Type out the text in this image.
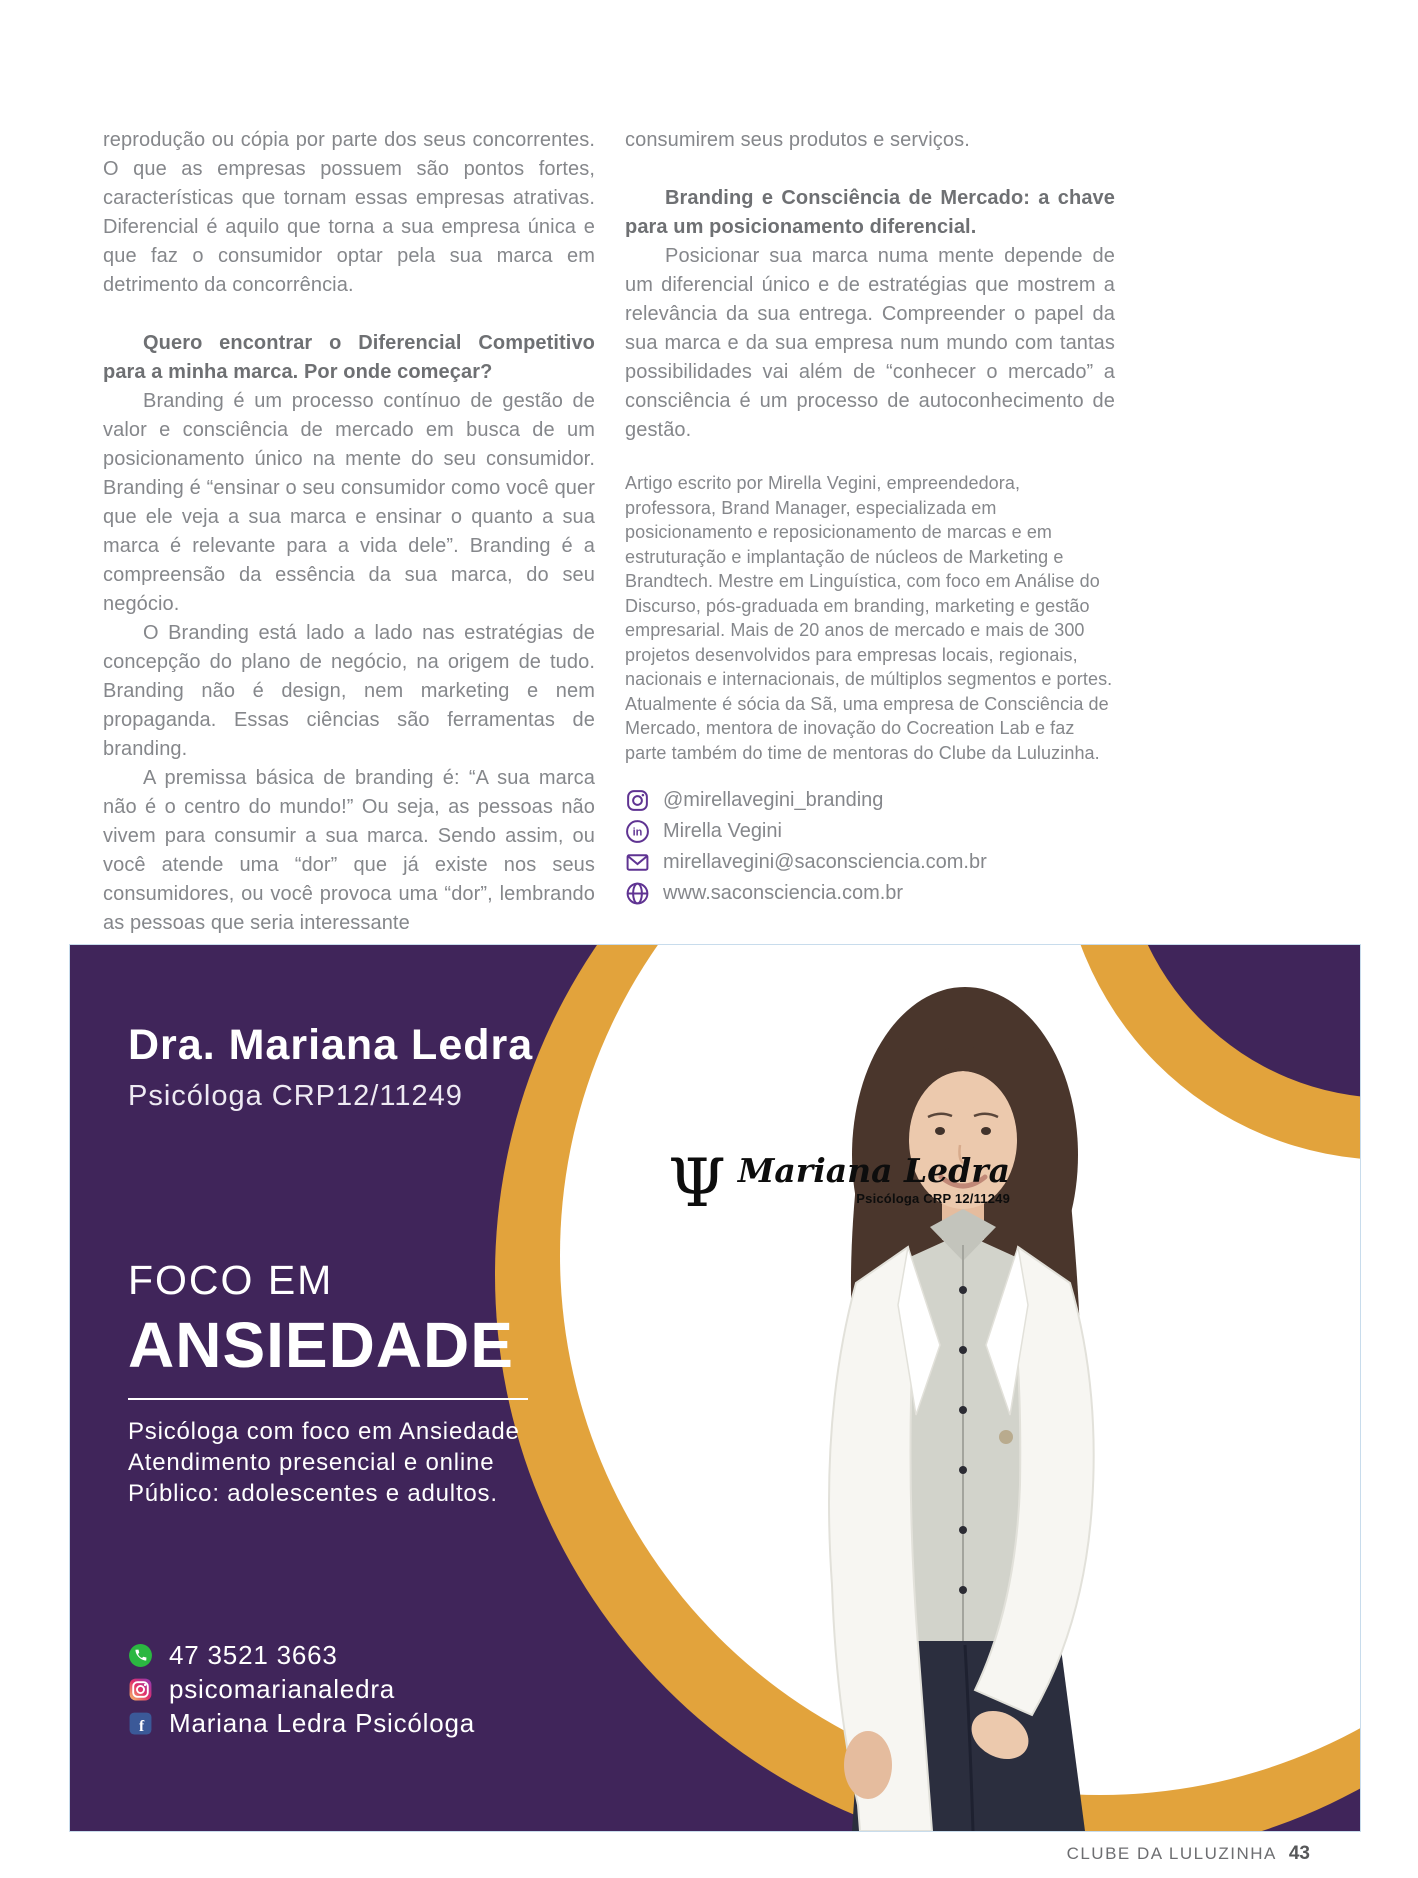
reprodução ou cópia por parte dos seus concorrentes. O que as empresas possuem são pontos fortes, características que tornam essas empresas atrativas. Diferencial é aquilo que torna a sua empresa única e que faz o consumidor optar pela sua marca em detrimento da concorrência.

Quero encontrar o Diferencial Competitivo para a minha marca. Por onde começar?

Branding é um processo contínuo de gestão de valor e consciência de mercado em busca de um posicionamento único na mente do seu consumidor. Branding é “ensinar o seu consumidor como você quer que ele veja a sua marca e ensinar o quanto a sua marca é relevante para a vida dele”. Branding é a compreensão da essência da sua marca, do seu negócio.

O Branding está lado a lado nas estratégias de concepção do plano de negócio, na origem de tudo. Branding não é design, nem marketing e nem propaganda. Essas ciências são ferramentas de branding.

A premissa básica de branding é: “A sua marca não é o centro do mundo!” Ou seja, as pessoas não vivem para consumir a sua marca. Sendo assim, ou você atende uma “dor” que já existe nos seus consumidores, ou você provoca uma “dor”, lembrando as pessoas que seria interessante

consumirem seus produtos e serviços.

Branding e Consciência de Mercado: a chave para um posicionamento diferencial.

Posicionar sua marca numa mente depende de um diferencial único e de estratégias que mostrem a relevância da sua entrega. Compreender o papel da sua marca e da sua empresa num mundo com tantas possibilidades vai além de “conhecer o mercado” a consciência é um processo de autoconhecimento de gestão.

Artigo escrito por Mirella Vegini, empreendedora, professora, Brand Manager, especializada em posicionamento e reposicionamento de marcas e em estruturação e implantação de núcleos de Marketing e Brandtech. Mestre em Linguística, com foco em Análise do Discurso, pós-graduada em branding, marketing e gestão empresarial. Mais de 20 anos de mercado e mais de 300 projetos desenvolvidos para empresas locais, regionais, nacionais e internacionais, de múltiplos segmentos e portes. Atualmente é sócia da Sã, uma empresa de Consciência de Mercado, mentora de inovação do Cocreation Lab e faz parte também do time de mentoras do Clube da Luluzinha.

@mirellavegini_branding
in Mirella Vegini
mirellavegini@saconsciencia.com.br
www.saconsciencia.com.br
Dra. Mariana Ledra
Psicóloga CRP12/11249
Ψ Mariana Ledra
Psicóloga CRP 12/11249
FOCO EM
ANSIEDADE
Psicóloga com foco em Ansiedade
Atendimento presencial e online
Público: adolescentes e adultos.
47 3521 3663
psicomarianaledra
f Mariana Ledra Psicóloga
CLUBE DA LULUZINHA 43
